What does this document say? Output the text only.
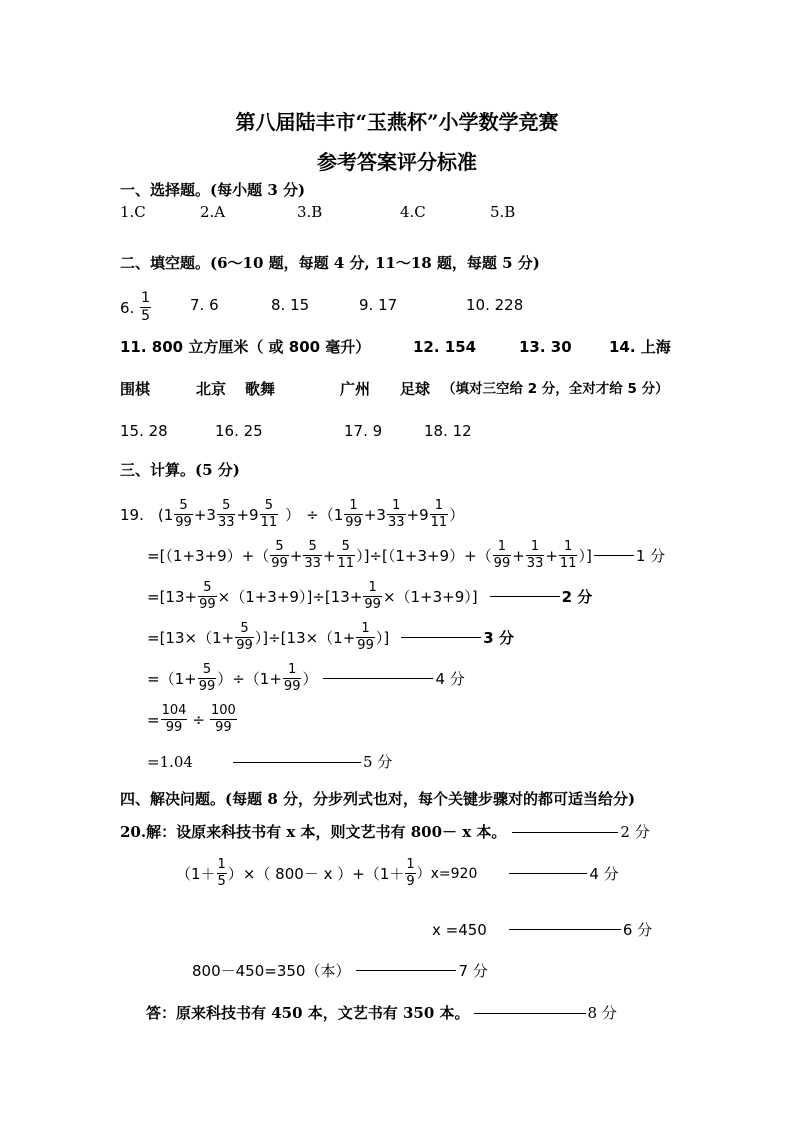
第八届陆丰市“玉燕杯”小学数学竞赛
参考答案评分标准
一、选择题。(每小题 3 分)
1.C	2.A	3.B	4.C	5.B
二、填空题。(6～10 题，每题 4 分, 11～18 题，每题 5 分)
6. $\frac{1}{5}$	7. 6	8. 15	9. 17	10. 228
11. 800 立方厘米（ 或 800 毫升）	12. 154	13. 30 14. 上海
围棋	北京 歌舞	广州 足球 （填对三空给 2 分，全对才给 5 分）
15. 28	16. 25	17. 9	18. 12
三、计算。(5 分)
19. ($1 \frac{5}{99} +3 \frac{5}{33} +9 \frac{5}{11}$ ） $\div(1 \frac{1}{99} +3 \frac{1}{33} +9 \frac{1}{11}$ ）
$=[(1+3+9)+( \frac{5}{99} + \frac{5}{33} + \frac{5}{11} )]\div[(1+3+9)+( \frac{1}{99} + \frac{1}{33} + \frac{1}{11}$ ）]	1 分
$=[13+ \frac{5}{99} \times(1+3+9)]\div[13+ \frac{1}{99} \times(1+3+9)]$	2 分
$=[13\times(1+ \frac{5}{99} )]\div[13\times(1+ \frac{1}{99}$ ）]	3 分
$=(1+ \frac{5}{99} )\div(1+ \frac{1}{99}$ ）	4 分
= $\frac{104}{99} \div \frac{100}{99}$
=1.04	5 分
四、解决问题。(每题 8 分，分步列式也对，每个关键步骤对的都可适当给分)
20.解：设原来科技书有 x 本，则文艺书有 800－ x 本。	2 分
（$1+ \frac{1}{5}$ ）×（ 800－ x ）$+(1+ \frac{1}{9} )x=920$	4 分
x =450	6 分
800－450=350（本）	7 分
答：原来科技书有 450 本，文艺书有 350 本。	8 分
